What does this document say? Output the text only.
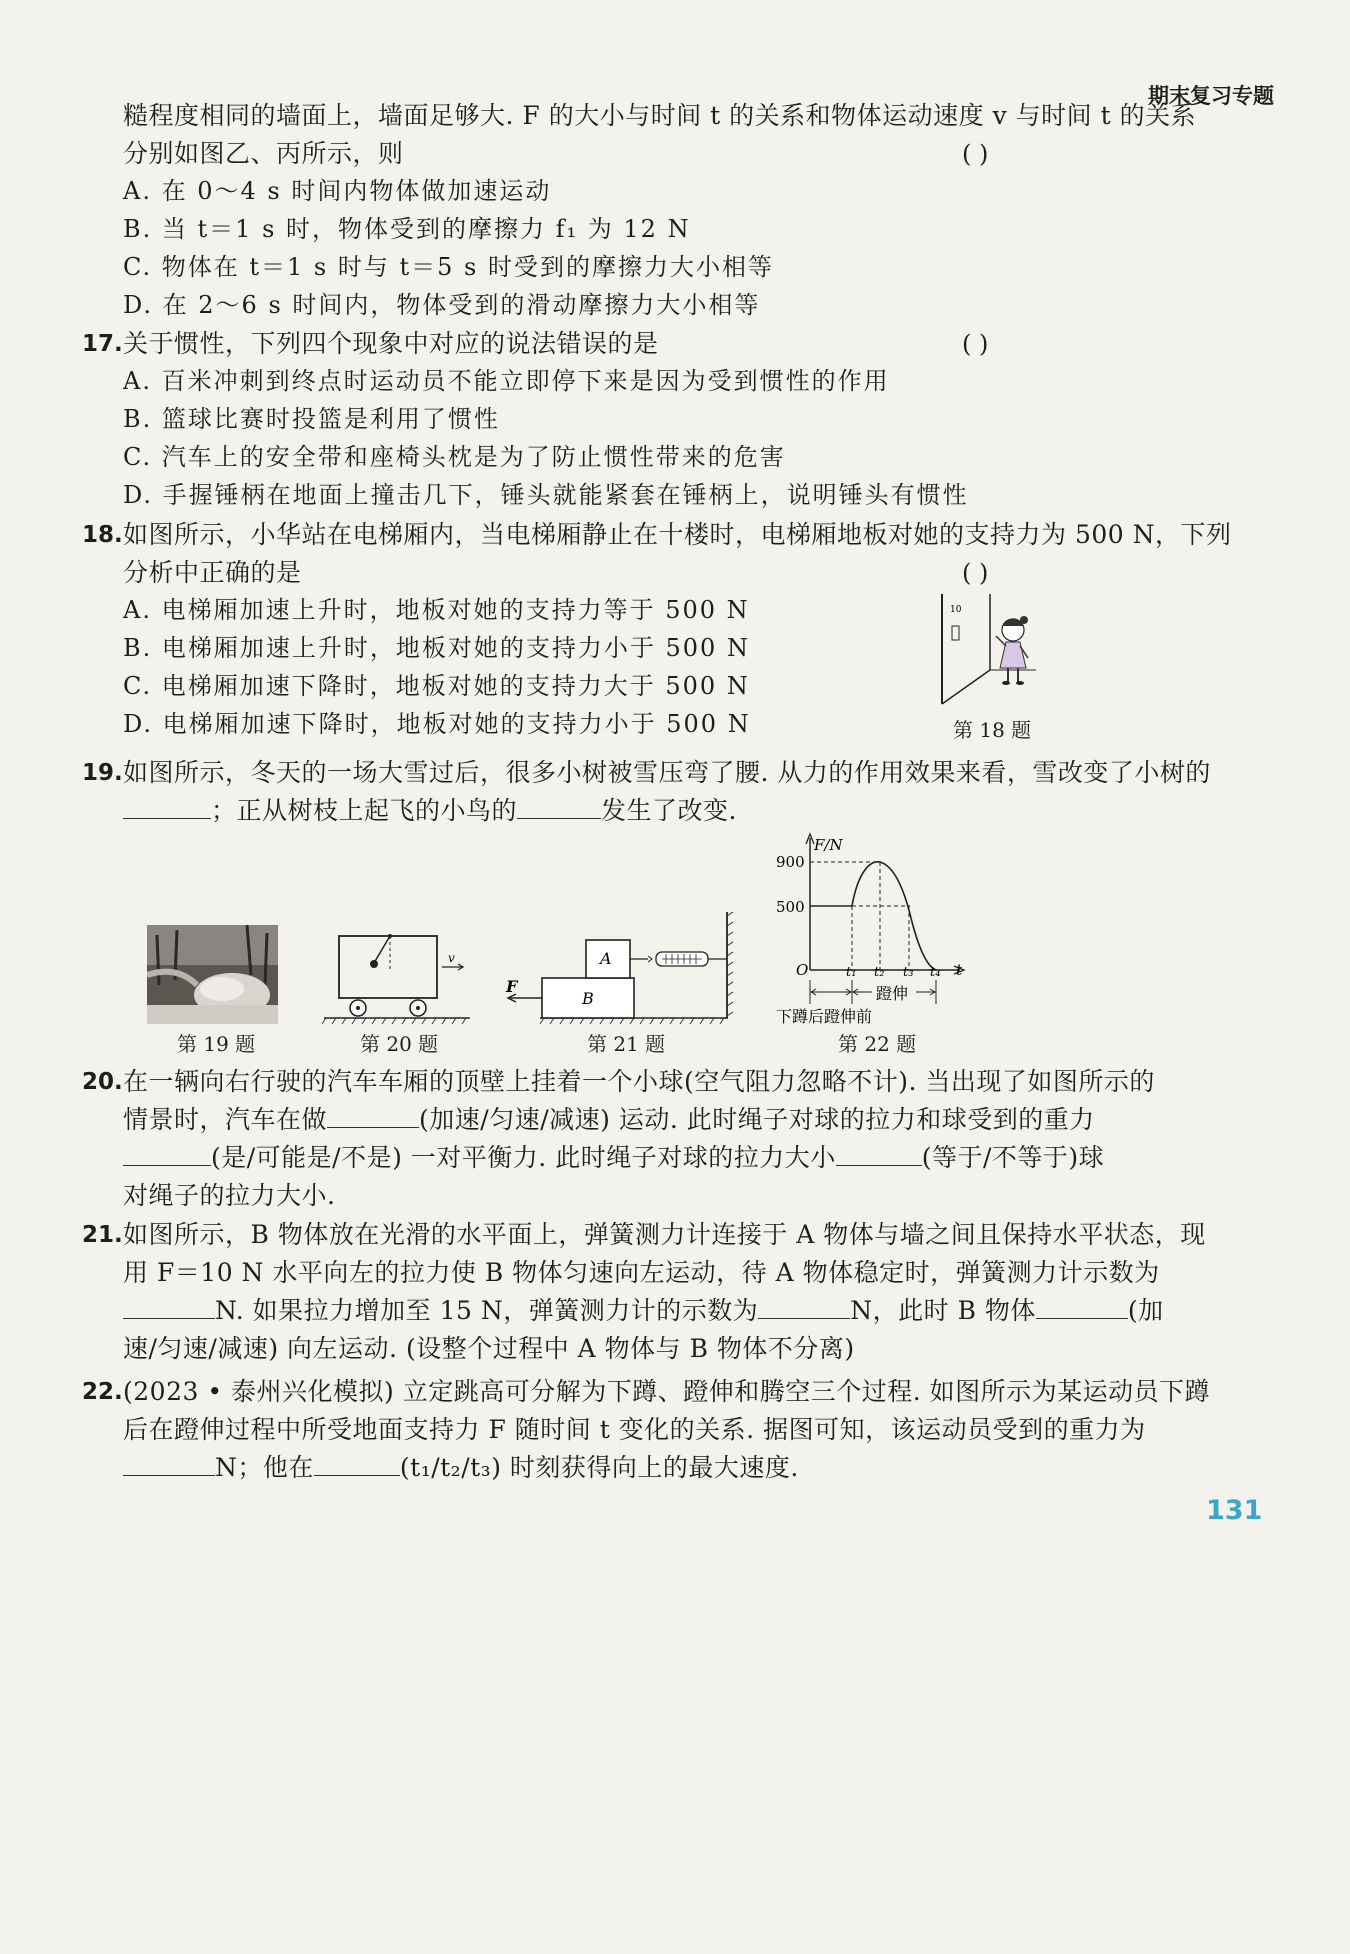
期末复习专题
糙程度相同的墙面上，墙面足够大. F 的大小与时间 t 的关系和物体运动速度 v 与时间 t 的关系
分别如图乙、丙所示，则	( )
A. 在 0～4 s 时间内物体做加速运动
B. 当 t＝1 s 时，物体受到的摩擦力 f₁ 为 12 N
C. 物体在 t＝1 s 时与 t＝5 s 时受到的摩擦力大小相等
D. 在 2～6 s 时间内，物体受到的滑动摩擦力大小相等
17. 关于惯性，下列四个现象中对应的说法错误的是	( )
A. 百米冲刺到终点时运动员不能立即停下来是因为受到惯性的作用
B. 篮球比赛时投篮是利用了惯性
C. 汽车上的安全带和座椅头枕是为了防止惯性带来的危害
D. 手握锤柄在地面上撞击几下，锤头就能紧套在锤柄上，说明锤头有惯性
18. 如图所示，小华站在电梯厢内，当电梯厢静止在十楼时，电梯厢地板对她的支持力为 500 N，下列
分析中正确的是	( )
A. 电梯厢加速上升时，地板对她的支持力等于 500 N
B. 电梯厢加速上升时，地板对她的支持力小于 500 N
C. 电梯厢加速下降时，地板对她的支持力大于 500 N
D. 电梯厢加速下降时，地板对她的支持力小于 500 N
10
第 18 题
19. 如图所示，冬天的一场大雪过后，很多小树被雪压弯了腰. 从力的作用效果来看，雪改变了小树的
；正从树枝上起飞的小鸟的	发生了改变.
第 19 题
v
第 20 题
B
A
F
第 21 题
F/N
900
500
O	t
t₁ t₂ t₃ t₄
蹬伸
下蹲后蹬伸前
第 22 题
20. 在一辆向右行驶的汽车车厢的顶壁上挂着一个小球(空气阻力忽略不计). 当出现了如图所示的
情景时，汽车在做	(加速/匀速/减速) 运动. 此时绳子对球的拉力和球受到的重力
(是/可能是/不是) 一对平衡力. 此时绳子对球的拉力大小	(等于/不等于)球
对绳子的拉力大小.
21. 如图所示，B 物体放在光滑的水平面上，弹簧测力计连接于 A 物体与墙之间且保持水平状态，现
用 F＝10 N 水平向左的拉力使 B 物体匀速向左运动，待 A 物体稳定时，弹簧测力计示数为
N. 如果拉力增加至 15 N，弹簧测力计的示数为	N，此时 B 物体	(加
速/匀速/减速) 向左运动. (设整个过程中 A 物体与 B 物体不分离)
22. (2023 • 泰州兴化模拟) 立定跳高可分解为下蹲、蹬伸和腾空三个过程. 如图所示为某运动员下蹲
后在蹬伸过程中所受地面支持力 F 随时间 t 变化的关系. 据图可知，该运动员受到的重力为
N；他在	(t₁/t₂/t₃) 时刻获得向上的最大速度.
131
